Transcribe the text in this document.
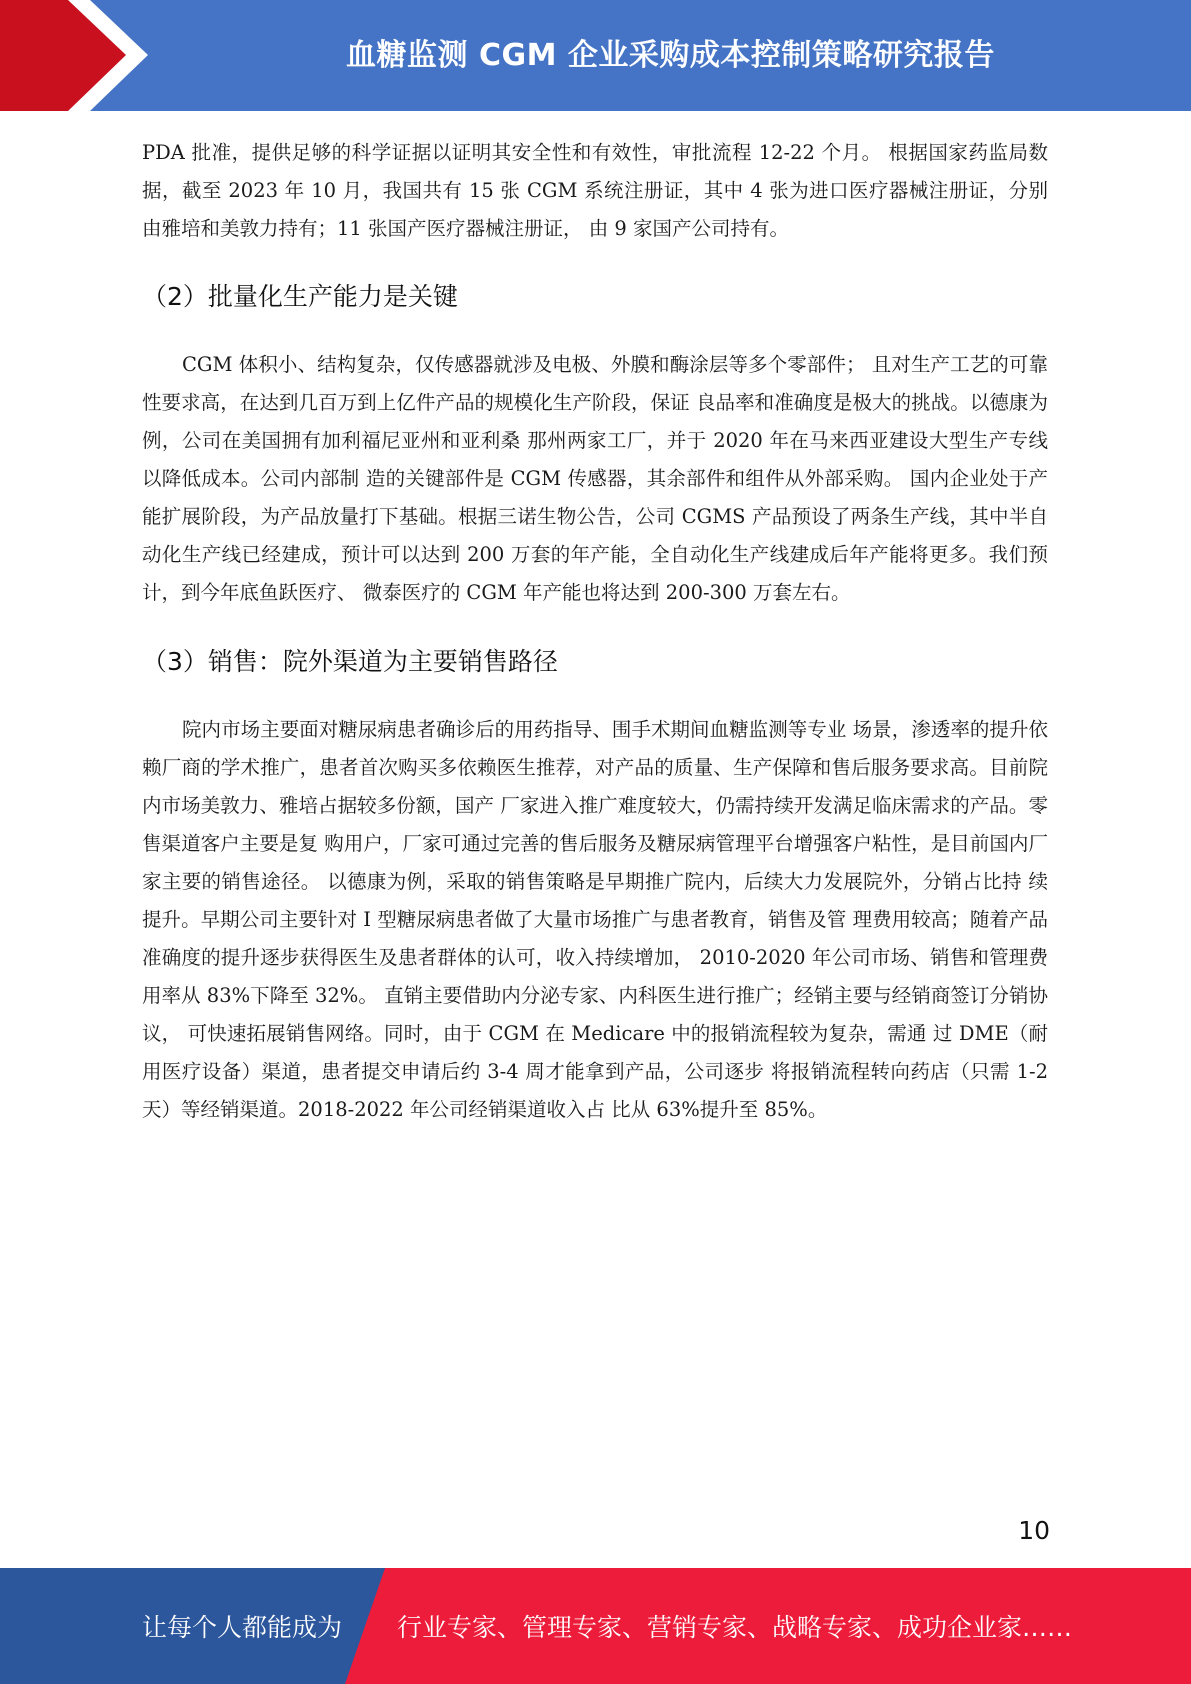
血糖监测 CGM 企业采购成本控制策略研究报告

PDA 批准，提供足够的科学证据以证明其安全性和有效性，审批流程 12-22 个月。 根据国家药监局数据，截至 2023 年 10 月，我国共有 15 张 CGM 系统注册证，其中 4 张为进口医疗器械注册证，分别由雅培和美敦力持有；11 张国产医疗器械注册证， 由 9 家国产公司持有。

（2）批量化生产能力是关键

CGM 体积小、结构复杂，仅传感器就涉及电极、外膜和酶涂层等多个零部件； 且对生产工艺的可靠性要求高，在达到几百万到上亿件产品的规模化生产阶段，保证 良品率和准确度是极大的挑战。以德康为例，公司在美国拥有加利福尼亚州和亚利桑 那州两家工厂，并于 2020 年在马来西亚建设大型生产专线以降低成本。公司内部制 造的关键部件是 CGM 传感器，其余部件和组件从外部采购。 国内企业处于产能扩展阶段，为产品放量打下基础。根据三诺生物公告，公司 CGMS 产品预设了两条生产线，其中半自动化生产线已经建成，预计可以达到 200 万套的年产能，全自动化生产线建成后年产能将更多。我们预计，到今年底鱼跃医疗、 微泰医疗的 CGM 年产能也将达到 200-300 万套左右。

（3）销售：院外渠道为主要销售路径

院内市场主要面对糖尿病患者确诊后的用药指导、围手术期间血糖监测等专业 场景，渗透率的提升依赖厂商的学术推广，患者首次购买多依赖医生推荐，对产品的质量、生产保障和售后服务要求高。目前院内市场美敦力、雅培占据较多份额，国产 厂家进入推广难度较大，仍需持续开发满足临床需求的产品。零售渠道客户主要是复 购用户，厂家可通过完善的售后服务及糖尿病管理平台增强客户粘性，是目前国内厂 家主要的销售途径。 以德康为例，采取的销售策略是早期推广院内，后续大力发展院外，分销占比持 续提升。早期公司主要针对 I 型糖尿病患者做了大量市场推广与患者教育，销售及管 理费用较高；随着产品准确度的提升逐步获得医生及患者群体的认可，收入持续增加， 2010-2020 年公司市场、销售和管理费用率从 83%下降至 32%。 直销主要借助内分泌专家、内科医生进行推广；经销主要与经销商签订分销协议， 可快速拓展销售网络。同时，由于 CGM 在 Medicare 中的报销流程较为复杂，需通 过 DME（耐用医疗设备）渠道，患者提交申请后约 3-4 周才能拿到产品，公司逐步 将报销流程转向药店（只需 1-2 天）等经销渠道。2018-2022 年公司经销渠道收入占 比从 63%提升至 85%。

10
让每个人都能成为 行业专家、管理专家、营销专家、战略专家、成功企业家……
